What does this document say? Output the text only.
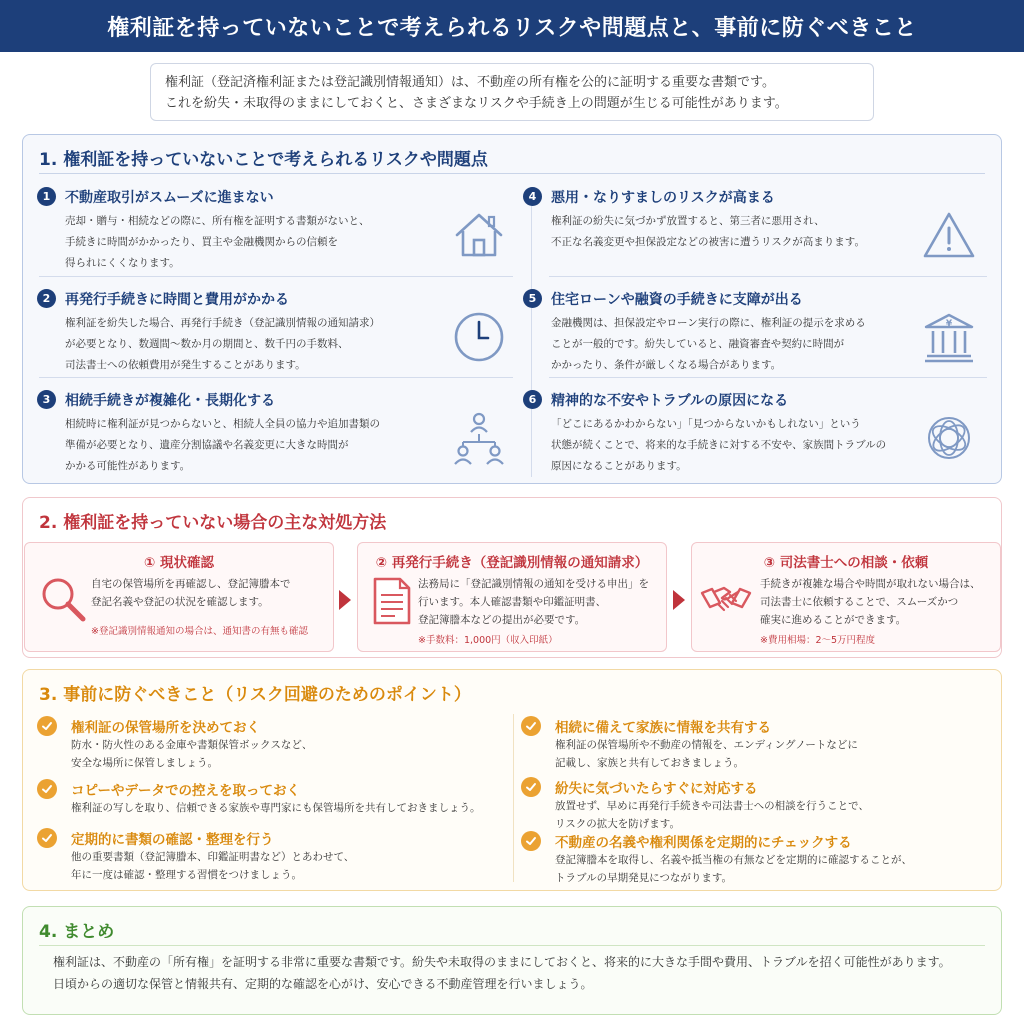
権利証を持っていないことで考えられるリスクや問題点と、事前に防ぐべきこと

権利証（登記済権利証または登記識別情報通知）は、不動産の所有権を公的に証明する重要な書類です。

これを紛失・未取得のままにしておくと、さまざまなリスクや手続き上の問題が生じる可能性があります。

1. 権利証を持っていないことで考えられるリスクや問題点
1	不動産取引がスムーズに進まない
売却・贈与・相続などの際に、所有権を証明する書類がないと、
手続きに時間がかかったり、買主や金融機関からの信頼を
得られにくくなります。
2	再発行手続きに時間と費用がかかる
権利証を紛失した場合、再発行手続き（登記識別情報の通知請求）
が必要となり、数週間〜数か月の期間と、数千円の手数料、
司法書士への依頼費用が発生することがあります。
3	相続手続きが複雑化・長期化する
相続時に権利証が見つからないと、相続人全員の協力や追加書類の
準備が必要となり、遺産分割協議や名義変更に大きな時間が
かかる可能性があります。
4	悪用・なりすましのリスクが高まる
権利証の紛失に気づかず放置すると、第三者に悪用され、
不正な名義変更や担保設定などの被害に遭うリスクが高まります。
5	住宅ローンや融資の手続きに支障が出る
金融機関は、担保設定やローン実行の際に、権利証の提示を求める
ことが一般的です。紛失していると、融資審査や契約に時間が
かかったり、条件が厳しくなる場合があります。
¥
6	精神的な不安やトラブルの原因になる
「どこにあるかわからない」「見つからないかもしれない」という
状態が続くことで、将来的な手続きに対する不安や、家族間トラブルの
原因になることがあります。
2. 権利証を持っていない場合の主な対処方法
① 現状確認
自宅の保管場所を再確認し、登記簿謄本で
登記名義や登記の状況を確認します。
※登記識別情報通知の場合は、通知書の有無も確認
② 再発行手続き（登記識別情報の通知請求）
法務局に「登記識別情報の通知を受ける申出」を
行います。本人確認書類や印鑑証明書、
登記簿謄本などの提出が必要です。
※手数料：1,000円（収入印紙）
③ 司法書士への相談・依頼
手続きが複雑な場合や時間が取れない場合は、
司法書士に依頼することで、スムーズかつ
確実に進めることができます。
※費用相場：2〜5万円程度
3. 事前に防ぐべきこと（リスク回避のためのポイント）
権利証の保管場所を決めておく
防水・防火性のある金庫や書類保管ボックスなど、
安全な場所に保管しましょう。
コピーやデータでの控えを取っておく
権利証の写しを取り、信頼できる家族や専門家にも保管場所を共有しておきましょう。
定期的に書類の確認・整理を行う
他の重要書類（登記簿謄本、印鑑証明書など）とあわせて、
年に一度は確認・整理する習慣をつけましょう。
相続に備えて家族に情報を共有する
権利証の保管場所や不動産の情報を、エンディングノートなどに
記載し、家族と共有しておきましょう。
紛失に気づいたらすぐに対応する
放置せず、早めに再発行手続きや司法書士への相談を行うことで、
リスクの拡大を防げます。
不動産の名義や権利関係を定期的にチェックする
登記簿謄本を取得し、名義や抵当権の有無などを定期的に確認することが、
トラブルの早期発見につながります。
4. まとめ
権利証は、不動産の「所有権」を証明する非常に重要な書類です。紛失や未取得のままにしておくと、将来的に大きな手間や費用、トラブルを招く可能性があります。
日頃からの適切な保管と情報共有、定期的な確認を心がけ、安心できる不動産管理を行いましょう。
